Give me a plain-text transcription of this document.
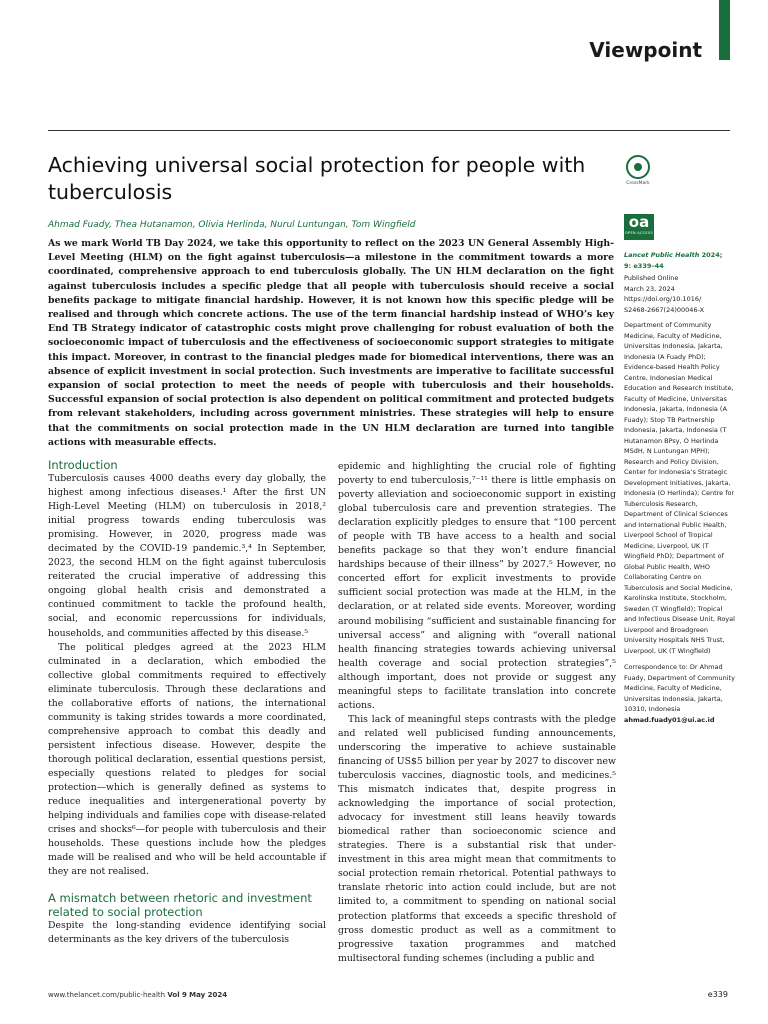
Viewpoint
Achieving universal social protection for people with tuberculosis
Ahmad Fuady, Thea Hutanamon, Olivia Herlinda, Nurul Luntungan, Tom Wingfield

As we mark World TB Day 2024, we take this opportunity to reflect on the 2023 UN General Assembly High-Level Meeting (HLM) on the fight against tuberculosis—a milestone in the commitment towards a more coordinated, comprehensive approach to end tuberculosis globally. The UN HLM declaration on the fight against tuberculosis includes a specific pledge that all people with tuberculosis should receive a social benefits package to mitigate financial hardship. However, it is not known how this specific pledge will be realised and through which concrete actions. The use of the term financial hardship instead of WHO’s key End TB Strategy indicator of catastrophic costs might prove challenging for robust evaluation of both the socioeconomic impact of tuberculosis and the effectiveness of socioeconomic support strategies to mitigate this impact. Moreover, in contrast to the financial pledges made for biomedical interventions, there was an absence of explicit investment in social protection. Such investments are imperative to facilitate successful expansion of social protection to meet the needs of people with tuberculosis and their households. Successful expansion of social protection is also dependent on political commitment and protected budgets from relevant stakeholders, including across government ministries. These strategies will help to ensure that the commitments on social protection made in the UN HLM declaration are turned into tangible actions with measurable effects.

Introduction

Tuberculosis causes 4000 deaths every day globally, the highest among infectious diseases.¹ After the first UN High-Level Meeting (HLM) on tuberculosis in 2018,² initial progress towards ending tuberculosis was promising. However, in 2020, progress made was decimated by the COVID-19 pandemic.³,⁴ In September, 2023, the second HLM on the fight against tuberculosis reiterated the crucial imperative of addressing this ongoing global health crisis and demonstrated a continued commitment to tackle the profound health, social, and economic repercussions for individuals, households, and communities affected by this disease.⁵

The political pledges agreed at the 2023 HLM culminated in a declaration, which embodied the collective global commitments required to effectively eliminate tuberculosis. Through these declarations and the collaborative efforts of nations, the international community is taking strides towards a more coordinated, comprehensive approach to combat this deadly and persistent infectious disease. However, despite the thorough political declaration, essential questions persist, especially questions related to pledges for social protection—which is generally defined as systems to reduce inequalities and intergenerational poverty by helping individuals and families cope with disease-related crises and shocks⁶—for people with tuberculosis and their households. These questions include how the pledges made will be realised and who will be held accountable if they are not realised.

A mismatch between rhetoric and investment related to social protection

Despite the long-standing evidence identifying social determinants as the key drivers of the tuberculosis

epidemic and highlighting the crucial role of fighting poverty to end tuberculosis,⁷⁻¹¹ there is little emphasis on poverty alleviation and socioeconomic support in existing global tuberculosis care and prevention strategies. The declaration explicitly pledges to ensure that “100 percent of people with TB have access to a health and social benefits package so that they won’t endure financial hardships because of their illness” by 2027.⁵ However, no concerted effort for explicit investments to provide sufficient social protection was made at the HLM, in the declaration, or at related side events. Moreover, wording around mobilising “sufficient and sustainable financing for universal access” and aligning with “overall national health financing strategies towards achieving universal health coverage and social protection strategies”,⁵ although important, does not provide or suggest any meaningful steps to facilitate translation into concrete actions.

This lack of meaningful steps contrasts with the pledge and related well publicised funding announcements, underscoring the imperative to achieve sustainable financing of US$5 billion per year by 2027 to discover new tuberculosis vaccines, diagnostic tools, and medicines.⁵ This mismatch indicates that, despite progress in acknowledging the importance of social protection, advocacy for investment still leans heavily towards biomedical rather than socioeconomic science and strategies. There is a substantial risk that under-investment in this area might mean that commitments to social protection remain rhetorical. Potential pathways to translate rhetoric into action could include, but are not limited to, a commitment to spending on national social protection platforms that exceeds a specific threshold of gross domestic product as well as a commitment to progressive taxation programmes and matched multisectoral funding schemes (including a public and

CrossMark
oa
OPEN ACCESS
Lancet Public Health 2024;
9: e339–44
Published Online
March 23, 2024
https://doi.org/10.1016/
S2468-2667(24)00046-X
Department of Community Medicine, Faculty of Medicine, Universitas Indonesia, Jakarta, Indonesia (A Fuady PhD); Evidence-based Health Policy Centre, Indonesian Medical Education and Research Institute, Faculty of Medicine, Universitas Indonesia, Jakarta, Indonesia (A Fuady); Stop TB Partnership Indonesia, Jakarta, Indonesia (T Hutanamon BPsy, O Herlinda MSdH, N Luntungan MPH); Research and Policy Division, Center for Indonesia’s Strategic Development Initiatives, Jakarta, Indonesia (O Herlinda); Centre for Tuberculosis Research, Department of Clinical Sciences and International Public Health, Liverpool School of Tropical Medicine, Liverpool, UK (T Wingfield PhD); Department of Global Public Health, WHO Collaborating Centre on Tuberculosis and Social Medicine, Karolinska Institute, Stockholm, Sweden (T Wingfield); Tropical and Infectious Disease Unit, Royal Liverpool and Broadgreen University Hospitals NHS Trust, Liverpool, UK (T Wingfield)
Correspondence to: Dr Ahmad Fuady, Department of Community Medicine, Faculty of Medicine, Universitas Indonesia, Jakarta, 10310, Indonesia
ahmad.fuady01@ui.ac.id
www.thelancet.com/public-health Vol 9 May 2024	e339
